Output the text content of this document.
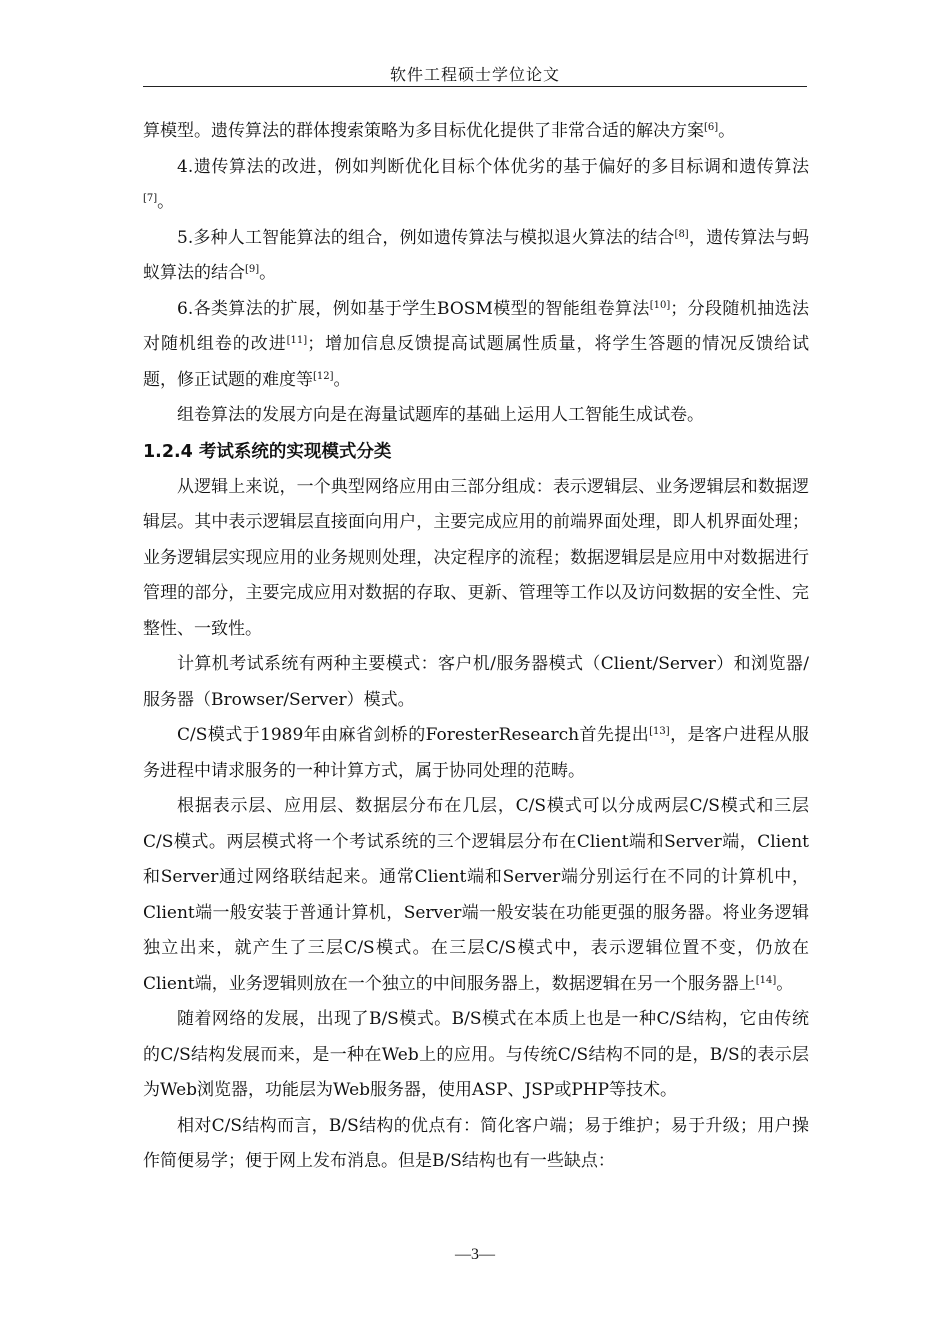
软件工程硕士学位论文

算模型。遗传算法的群体搜索策略为多目标优化提供了非常合适的解决方案[6]。

4.遗传算法的改进，例如判断优化目标个体优劣的基于偏好的多目标调和遗传算法[7]。

5.多种人工智能算法的组合，例如遗传算法与模拟退火算法的结合[8]，遗传算法与蚂蚁算法的结合[9]。

6.各类算法的扩展，例如基于学生BOSM模型的智能组卷算法[10]；分段随机抽选法对随机组卷的改进[11]；增加信息反馈提高试题属性质量，将学生答题的情况反馈给试题，修正试题的难度等[12]。

组卷算法的发展方向是在海量试题库的基础上运用人工智能生成试卷。

1.2.4 考试系统的实现模式分类

从逻辑上来说，一个典型网络应用由三部分组成：表示逻辑层、业务逻辑层和数据逻辑层。其中表示逻辑层直接面向用户，主要完成应用的前端界面处理，即人机界面处理；业务逻辑层实现应用的业务规则处理，决定程序的流程；数据逻辑层是应用中对数据进行管理的部分，主要完成应用对数据的存取、更新、管理等工作以及访问数据的安全性、完整性、一致性。

计算机考试系统有两种主要模式：客户机/服务器模式（Client/Server）和浏览器/服务器（Browser/Server）模式。

C/S模式于1989年由麻省剑桥的ForesterResearch首先提出[13]，是客户进程从服务进程中请求服务的一种计算方式，属于协同处理的范畴。

根据表示层、应用层、数据层分布在几层，C/S模式可以分成两层C/S模式和三层C/S模式。两层模式将一个考试系统的三个逻辑层分布在Client端和Server端，Client和Server通过网络联结起来。通常Client端和Server端分别运行在不同的计算机中，Client端一般安装于普通计算机，Server端一般安装在功能更强的服务器。将业务逻辑独立出来，就产生了三层C/S模式。在三层C/S模式中，表示逻辑位置不变，仍放在Client端，业务逻辑则放在一个独立的中间服务器上，数据逻辑在另一个服务器上[14]。

随着网络的发展，出现了B/S模式。B/S模式在本质上也是一种C/S结构，它由传统的C/S结构发展而来，是一种在Web上的应用。与传统C/S结构不同的是，B/S的表示层为Web浏览器，功能层为Web服务器，使用ASP、JSP或PHP等技术。

相对C/S结构而言，B/S结构的优点有：简化客户端；易于维护；易于升级；用户操作简便易学；便于网上发布消息。但是B/S结构也有一些缺点：

—3—
